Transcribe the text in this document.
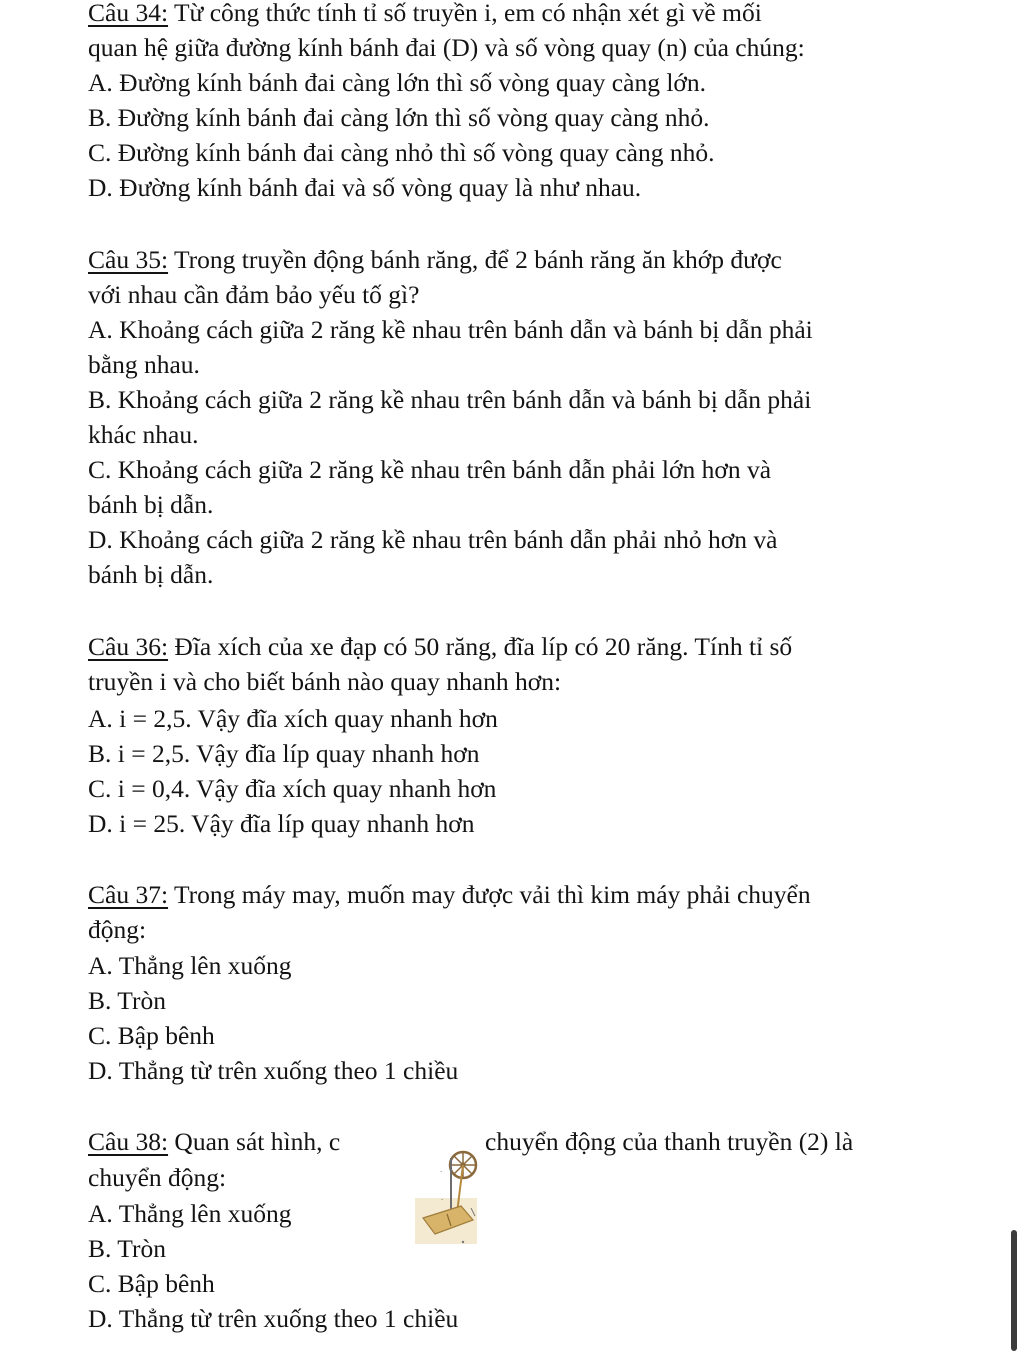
Câu 34: Từ công thức tính tỉ số truyền i, em có nhận xét gì về mối
quan hệ giữa đường kính bánh đai (D) và số vòng quay (n) của chúng:
A. Đường kính bánh đai càng lớn thì số vòng quay càng lớn.
B. Đường kính bánh đai càng lớn thì số vòng quay càng nhỏ.
C. Đường kính bánh đai càng nhỏ thì số vòng quay càng nhỏ.
D. Đường kính bánh đai và số vòng quay là như nhau.
Câu 35: Trong truyền động bánh răng, để 2 bánh răng ăn khớp được
với nhau cần đảm bảo yếu tố gì?
A. Khoảng cách giữa 2 răng kề nhau trên bánh dẫn và bánh bị dẫn phải
bằng nhau.
B. Khoảng cách giữa 2 răng kề nhau trên bánh dẫn và bánh bị dẫn phải
khác nhau.
C. Khoảng cách giữa 2 răng kề nhau trên bánh dẫn phải lớn hơn và
bánh bị dẫn.
D. Khoảng cách giữa 2 răng kề nhau trên bánh dẫn phải nhỏ hơn và
bánh bị dẫn.
Câu 36: Đĩa xích của xe đạp có 50 răng, đĩa líp có 20 răng. Tính tỉ số
truyền i và cho biết bánh nào quay nhanh hơn:
A. i = 2,5. Vậy đĩa xích quay nhanh hơn
B. i = 2,5. Vậy đĩa líp quay nhanh hơn
C. i = 0,4. Vậy đĩa xích quay nhanh hơn
D. i = 25. Vậy đĩa líp quay nhanh hơn
Câu 37: Trong máy may, muốn may được vải thì kim máy phải chuyển
động:
A. Thẳng lên xuống
B. Tròn
C. Bập bênh
D. Thẳng từ trên xuống theo 1 chiều
Câu 38: Quan sát hình, c	chuyển động của thanh truyền (2) là
chuyển động:
A. Thẳng lên xuống
B. Tròn
C. Bập bênh
D. Thẳng từ trên xuống theo 1 chiều
.
.
